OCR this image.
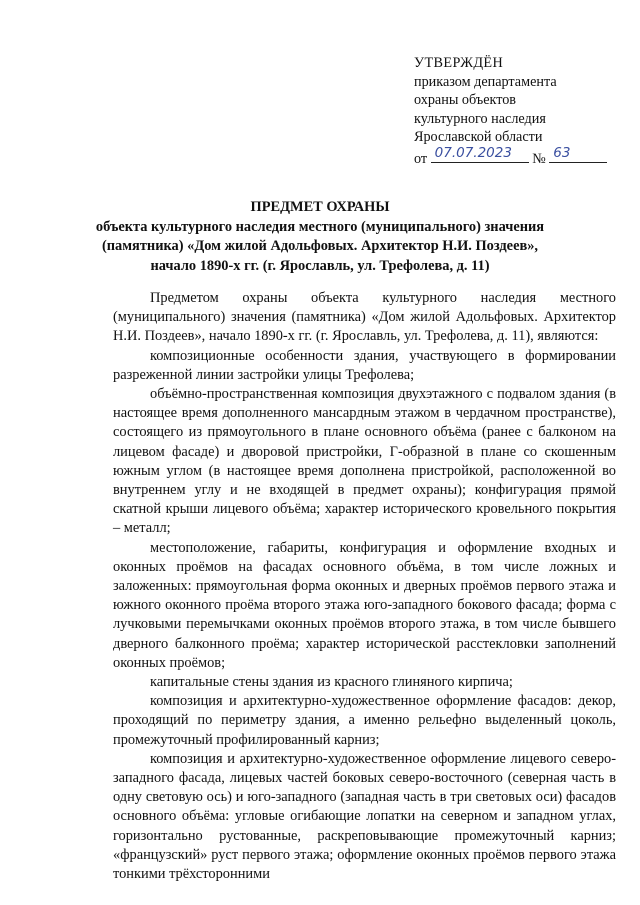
УТВЕРЖДЁН
приказом департамента
охраны объектов
культурного наследия
Ярославской области
от 07.07.2023 № 63
ПРЕДМЕТ ОХРАНЫ
объекта культурного наследия местного (муниципального) значения
(памятника) «Дом жилой Адольфовых. Архитектор Н.И. Поздеев»,
начало 1890-х гг. (г. Ярославль, ул. Трефолева, д. 11)

Предметом охраны объекта культурного наследия местного (муниципального) значения (памятника) «Дом жилой Адольфовых. Архитектор Н.И. Поздеев», начало 1890-х гг. (г. Ярославль, ул. Трефолева, д. 11), являются:

композиционные особенности здания, участвующего в формировании разреженной линии застройки улицы Трефолева;

объёмно-пространственная композиция двухэтажного с подвалом здания (в настоящее время дополненного мансардным этажом в чердачном пространстве), состоящего из прямоугольного в плане основного объёма (ранее с балконом на лицевом фасаде) и дворовой пристройки, Г-образной в плане со скошенным южным углом (в настоящее время дополнена пристройкой, расположенной во внутреннем углу и не входящей в предмет охраны); конфигурация прямой скатной крыши лицевого объёма; характер исторического кровельного покрытия – металл;

местоположение, габариты, конфигурация и оформление входных и оконных проёмов на фасадах основного объёма, в том числе ложных и заложенных: прямоугольная форма оконных и дверных проёмов первого этажа и южного оконного проёма второго этажа юго-западного бокового фасада; форма с лучковыми перемычками оконных проёмов второго этажа, в том числе бывшего дверного балконного проёма; характер исторической расстекловки заполнений оконных проёмов;

капитальные стены здания из красного глиняного кирпича;

композиция и архитектурно-художественное оформление фасадов: декор, проходящий по периметру здания, а именно рельефно выделенный цоколь, промежуточный профилированный карниз;

композиция и архитектурно-художественное оформление лицевого северо-западного фасада, лицевых частей боковых северо-восточного (северная часть в одну световую ось) и юго-западного (западная часть в три световых оси) фасадов основного объёма: угловые огибающие лопатки на северном и западном углах, горизонтально рустованные, раскреповывающие промежуточный карниз; «французский» руст первого этажа; оформление оконных проёмов первого этажа тонкими трёхсторонними
